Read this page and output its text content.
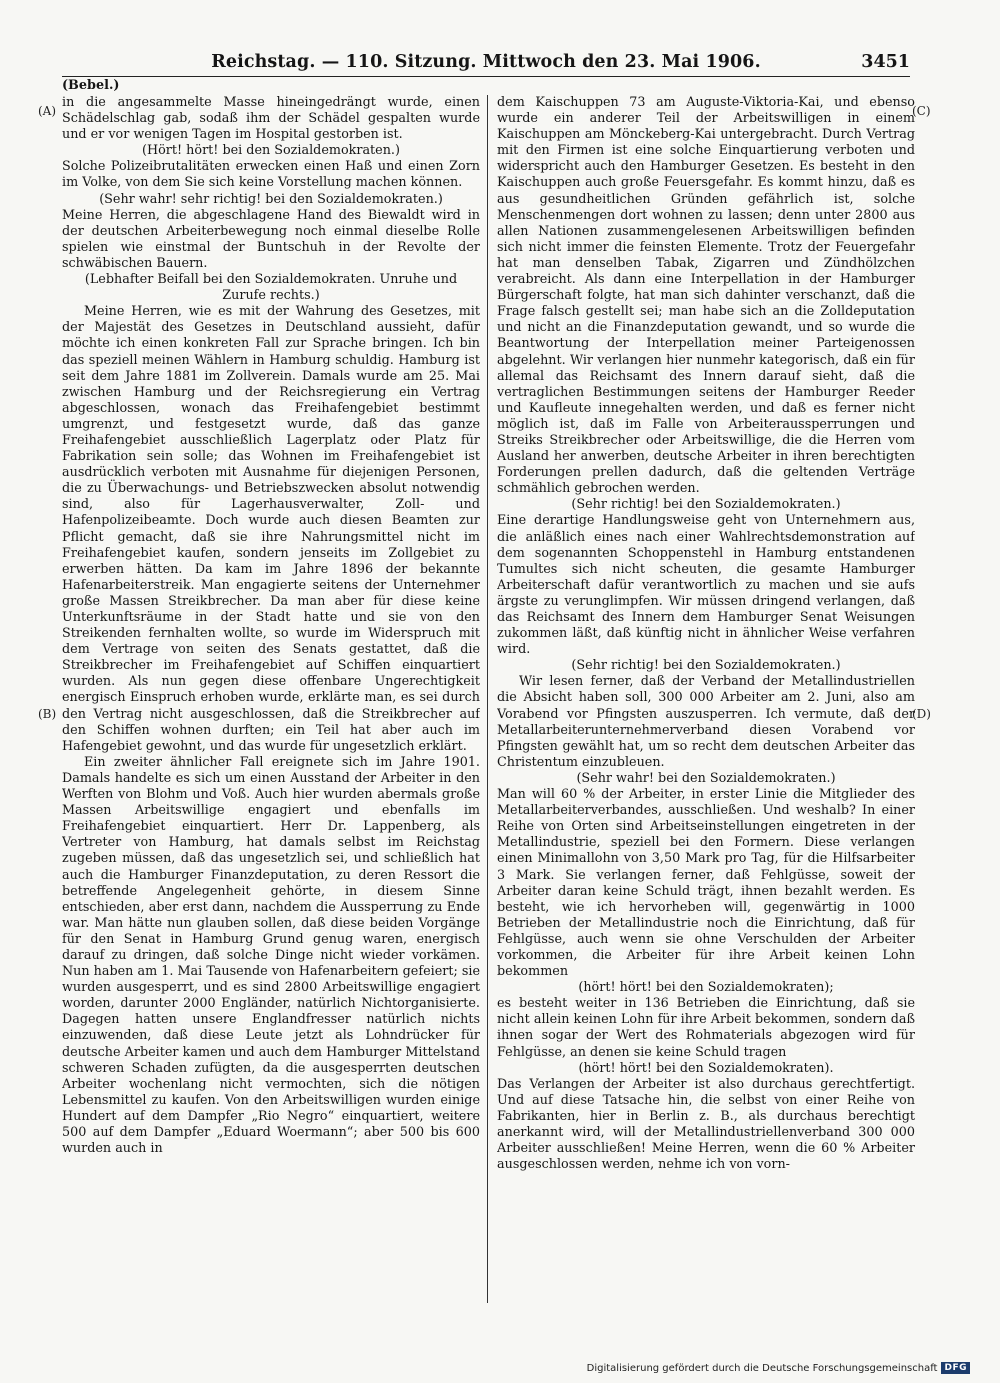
Reichstag. — 110. Sitzung. Mittwoch den 23. Mai 1906.	3451
(Bebel.)
(A)
(B)
(C)
(D)

in die angesammelte Masse hineingedrängt wurde, einen Schädelschlag gab, sodaß ihm der Schädel gespalten wurde und er vor wenigen Tagen im Hospital gestorben ist.

(Hört! hört! bei den Sozialdemokraten.)

Solche Polizeibrutalitäten erwecken einen Haß und einen Zorn im Volke, von dem Sie sich keine Vorstellung machen können.

(Sehr wahr! sehr richtig! bei den Sozialdemokraten.)

Meine Herren, die abgeschlagene Hand des Biewaldt wird in der deutschen Arbeiterbewegung noch einmal dieselbe Rolle spielen wie einstmal der Buntschuh in der Revolte der schwäbischen Bauern.

(Lebhafter Beifall bei den Sozialdemokraten. Unruhe und Zurufe rechts.)

Meine Herren, wie es mit der Wahrung des Gesetzes, mit der Majestät des Gesetzes in Deutschland aussieht, dafür möchte ich einen konkreten Fall zur Sprache bringen. Ich bin das speziell meinen Wählern in Hamburg schuldig. Hamburg ist seit dem Jahre 1881 im Zollverein. Damals wurde am 25. Mai zwischen Hamburg und der Reichsregierung ein Vertrag abgeschlossen, wonach das Freihafengebiet bestimmt umgrenzt, und festgesetzt wurde, daß das ganze Freihafengebiet ausschließlich Lagerplatz oder Platz für Fabrikation sein solle; das Wohnen im Freihafengebiet ist ausdrücklich verboten mit Ausnahme für diejenigen Personen, die zu Überwachungs- und Betriebszwecken absolut notwendig sind, also für Lagerhausverwalter, Zoll- und Hafenpolizeibeamte. Doch wurde auch diesen Beamten zur Pflicht gemacht, daß sie ihre Nahrungsmittel nicht im Freihafengebiet kaufen, sondern jenseits im Zollgebiet zu erwerben hätten. Da kam im Jahre 1896 der bekannte Hafenarbeiterstreik. Man engagierte seitens der Unternehmer große Massen Streikbrecher. Da man aber für diese keine Unterkunftsräume in der Stadt hatte und sie von den Streikenden fernhalten wollte, so wurde im Widerspruch mit dem Vertrage von seiten des Senats gestattet, daß die Streikbrecher im Freihafengebiet auf Schiffen einquartiert wurden. Als nun gegen diese offenbare Ungerechtigkeit energisch Einspruch erhoben wurde, erklärte man, es sei durch den Vertrag nicht ausgeschlossen, daß die Streikbrecher auf den Schiffen wohnen durften; ein Teil hat aber auch im Hafengebiet gewohnt, und das wurde für ungesetzlich erklärt.

Ein zweiter ähnlicher Fall ereignete sich im Jahre 1901. Damals handelte es sich um einen Ausstand der Arbeiter in den Werften von Blohm und Voß. Auch hier wurden abermals große Massen Arbeitswillige engagiert und ebenfalls im Freihafengebiet einquartiert. Herr Dr. Lappenberg, als Vertreter von Hamburg, hat damals selbst im Reichstag zugeben müssen, daß das ungesetzlich sei, und schließlich hat auch die Hamburger Finanzdeputation, zu deren Ressort die betreffende Angelegenheit gehörte, in diesem Sinne entschieden, aber erst dann, nachdem die Aussperrung zu Ende war. Man hätte nun glauben sollen, daß diese beiden Vorgänge für den Senat in Hamburg Grund genug waren, energisch darauf zu dringen, daß solche Dinge nicht wieder vorkämen. Nun haben am 1. Mai Tausende von Hafenarbeitern gefeiert; sie wurden ausgesperrt, und es sind 2800 Arbeitswillige engagiert worden, darunter 2000 Engländer, natürlich Nichtorganisierte. Dagegen hatten unsere Englandfresser natürlich nichts einzuwenden, daß diese Leute jetzt als Lohndrücker für deutsche Arbeiter kamen und auch dem Hamburger Mittelstand schweren Schaden zufügten, da die ausgesperrten deutschen Arbeiter wochenlang nicht vermochten, sich die nötigen Lebensmittel zu kaufen. Von den Arbeitswilligen wurden einige Hundert auf dem Dampfer „Rio Negro“ einquartiert, weitere 500 auf dem Dampfer „Eduard Woermann“; aber 500 bis 600 wurden auch in

dem Kaischuppen 73 am Auguste-Viktoria-Kai, und ebenso wurde ein anderer Teil der Arbeitswilligen in einem Kaischuppen am Mönckeberg-Kai untergebracht. Durch Vertrag mit den Firmen ist eine solche Einquartierung verboten und widerspricht auch den Hamburger Gesetzen. Es besteht in den Kaischuppen auch große Feuersgefahr. Es kommt hinzu, daß es aus gesundheitlichen Gründen gefährlich ist, solche Menschenmengen dort wohnen zu lassen; denn unter 2800 aus allen Nationen zusammengelesenen Arbeitswilligen befinden sich nicht immer die feinsten Elemente. Trotz der Feuergefahr hat man denselben Tabak, Zigarren und Zündhölzchen verabreicht. Als dann eine Interpellation in der Hamburger Bürgerschaft folgte, hat man sich dahinter verschanzt, daß die Frage falsch gestellt sei; man habe sich an die Zolldeputation und nicht an die Finanzdeputation gewandt, und so wurde die Beantwortung der Interpellation meiner Parteigenossen abgelehnt. Wir verlangen hier nunmehr kategorisch, daß ein für allemal das Reichsamt des Innern darauf sieht, daß die vertraglichen Bestimmungen seitens der Hamburger Reeder und Kaufleute innegehalten werden, und daß es ferner nicht möglich ist, daß im Falle von Arbeiteraussperrungen und Streiks Streikbrecher oder Arbeitswillige, die die Herren vom Ausland her anwerben, deutsche Arbeiter in ihren berechtigten Forderungen prellen dadurch, daß die geltenden Verträge schmählich gebrochen werden.

(Sehr richtig! bei den Sozialdemokraten.)

Eine derartige Handlungsweise geht von Unternehmern aus, die anläßlich eines nach einer Wahlrechtsdemonstration auf dem sogenannten Schoppenstehl in Hamburg entstandenen Tumultes sich nicht scheuten, die gesamte Hamburger Arbeiterschaft dafür verantwortlich zu machen und sie aufs ärgste zu verunglimpfen. Wir müssen dringend verlangen, daß das Reichsamt des Innern dem Hamburger Senat Weisungen zukommen läßt, daß künftig nicht in ähnlicher Weise verfahren wird.

(Sehr richtig! bei den Sozialdemokraten.)

Wir lesen ferner, daß der Verband der Metallindustriellen die Absicht haben soll, 300 000 Arbeiter am 2. Juni, also am Vorabend vor Pfingsten auszusperren. Ich vermute, daß der Metallarbeiterunternehmerverband diesen Vorabend vor Pfingsten gewählt hat, um so recht dem deutschen Arbeiter das Christentum einzubleuen.

(Sehr wahr! bei den Sozialdemokraten.)

Man will 60 % der Arbeiter, in erster Linie die Mitglieder des Metallarbeiterverbandes, ausschließen. Und weshalb? In einer Reihe von Orten sind Arbeitseinstellungen eingetreten in der Metallindustrie, speziell bei den Formern. Diese verlangen einen Minimallohn von 3,50 Mark pro Tag, für die Hilfsarbeiter 3 Mark. Sie verlangen ferner, daß Fehlgüsse, soweit der Arbeiter daran keine Schuld trägt, ihnen bezahlt werden. Es besteht, wie ich hervorheben will, gegenwärtig in 1000 Betrieben der Metallindustrie noch die Einrichtung, daß für Fehlgüsse, auch wenn sie ohne Verschulden der Arbeiter vorkommen, die Arbeiter für ihre Arbeit keinen Lohn bekommen

(hört! hört! bei den Sozialdemokraten);

es besteht weiter in 136 Betrieben die Einrichtung, daß sie nicht allein keinen Lohn für ihre Arbeit bekommen, sondern daß ihnen sogar der Wert des Rohmaterials abgezogen wird für Fehlgüsse, an denen sie keine Schuld tragen

(hört! hört! bei den Sozialdemokraten).

Das Verlangen der Arbeiter ist also durchaus gerechtfertigt. Und auf diese Tatsache hin, die selbst von einer Reihe von Fabrikanten, hier in Berlin z. B., als durchaus berechtigt anerkannt wird, will der Metallindustriellenverband 300 000 Arbeiter ausschließen! Meine Herren, wenn die 60 % Arbeiter ausgeschlossen werden, nehme ich von vorn-

Digitalisierung gefördert durch die Deutsche Forschungsgemeinschaft DFG
